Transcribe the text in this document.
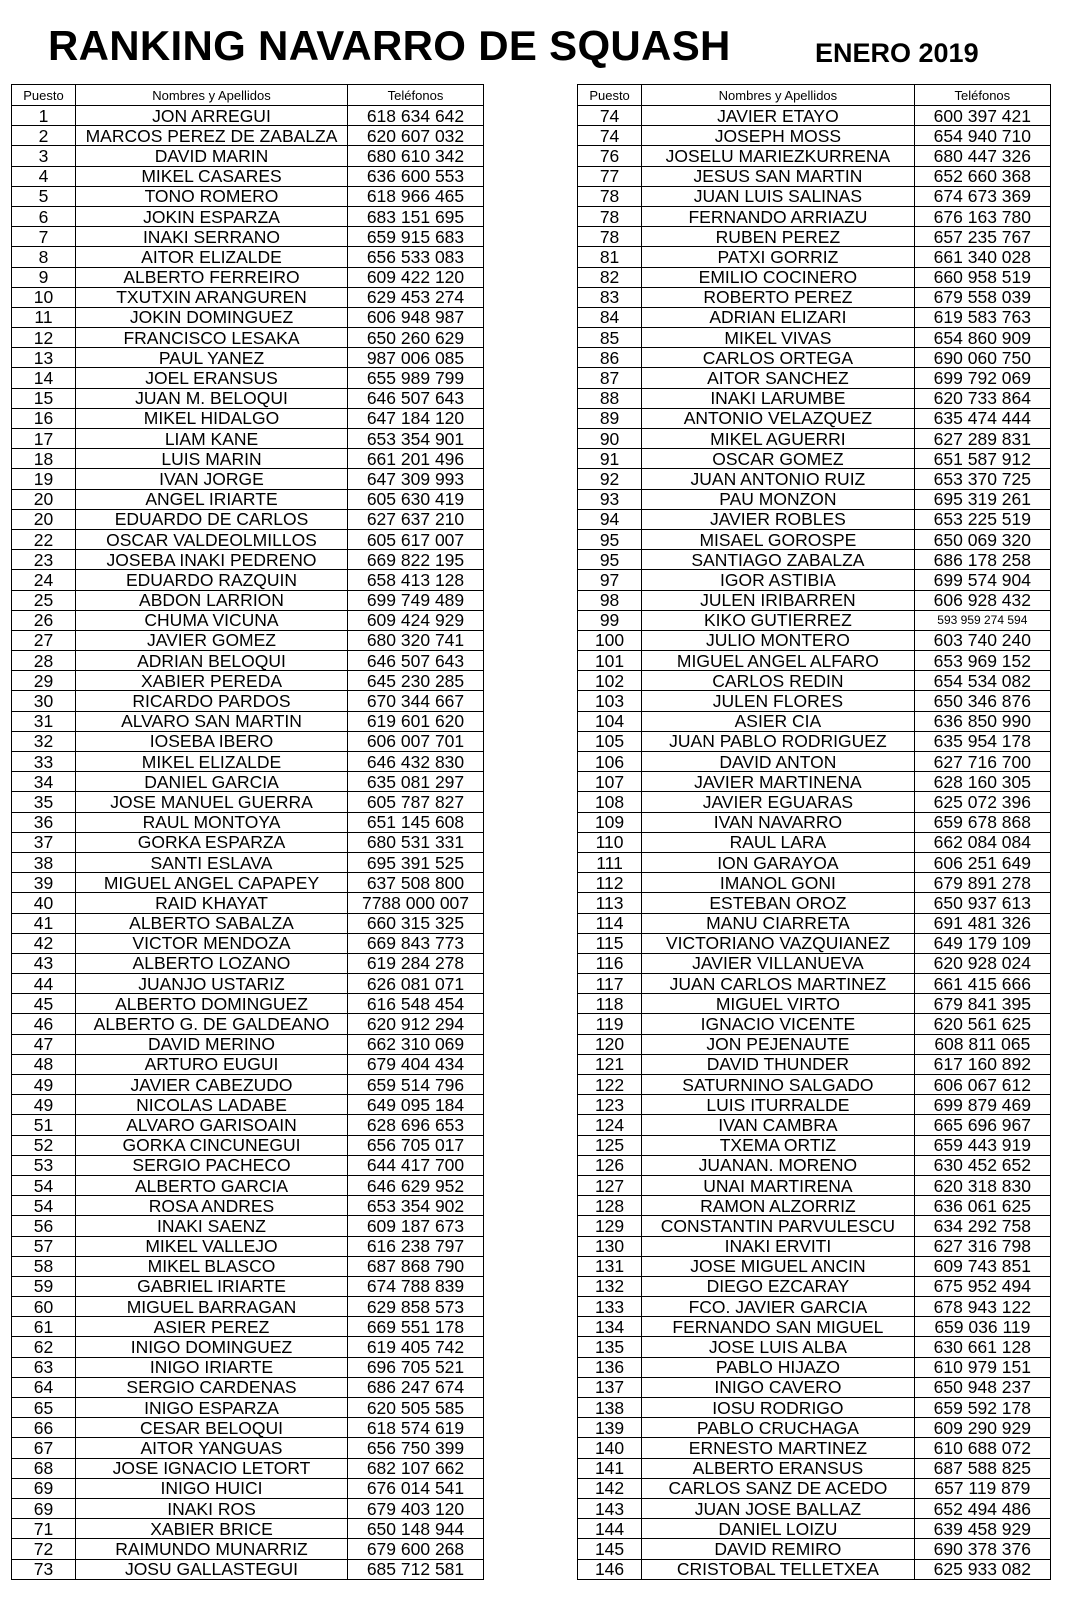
RANKING NAVARRO DE SQUASH	ENERO 2019
Puesto	Nombres y Apellidos	Teléfonos
1	JON ARREGUI	618 634 642
2	MARCOS PEREZ DE ZABALZA	620 607 032
3	DAVID MARIN	680 610 342
4	MIKEL CASARES	636 600 553
5	TONO ROMERO	618 966 465
6	JOKIN ESPARZA	683 151 695
7	INAKI SERRANO	659 915 683
8	AITOR ELIZALDE	656 533 083
9	ALBERTO FERREIRO	609 422 120
10	TXUTXIN ARANGUREN	629 453 274
11	JOKIN DOMINGUEZ	606 948 987
12	FRANCISCO LESAKA	650 260 629
13	PAUL YANEZ	987 006 085
14	JOEL ERANSUS	655 989 799
15	JUAN M. BELOQUI	646 507 643
16	MIKEL HIDALGO	647 184 120
17	LIAM KANE	653 354 901
18	LUIS MARIN	661 201 496
19	IVAN JORGE	647 309 993
20	ANGEL IRIARTE	605 630 419
20	EDUARDO DE CARLOS	627 637 210
22	OSCAR VALDEOLMILLOS	605 617 007
23	JOSEBA INAKI PEDRENO	669 822 195
24	EDUARDO RAZQUIN	658 413 128
25	ABDON LARRION	699 749 489
26	CHUMA VICUNA	609 424 929
27	JAVIER GOMEZ	680 320 741
28	ADRIAN BELOQUI	646 507 643
29	XABIER PEREDA	645 230 285
30	RICARDO PARDOS	670 344 667
31	ALVARO SAN MARTIN	619 601 620
32	IOSEBA IBERO	606 007 701
33	MIKEL ELIZALDE	646 432 830
34	DANIEL GARCIA	635 081 297
35	JOSE MANUEL GUERRA	605 787 827
36	RAUL MONTOYA	651 145 608
37	GORKA ESPARZA	680 531 331
38	SANTI ESLAVA	695 391 525
39	MIGUEL ANGEL CAPAPEY	637 508 800
40	RAID KHAYAT	7788 000 007
41	ALBERTO SABALZA	660 315 325
42	VICTOR MENDOZA	669 843 773
43	ALBERTO LOZANO	619 284 278
44	JUANJO USTARIZ	626 081 071
45	ALBERTO DOMINGUEZ	616 548 454
46	ALBERTO G. DE GALDEANO	620 912 294
47	DAVID MERINO	662 310 069
48	ARTURO EUGUI	679 404 434
49	JAVIER CABEZUDO	659 514 796
49	NICOLAS LADABE	649 095 184
51	ALVARO GARISOAIN	628 696 653
52	GORKA CINCUNEGUI	656 705 017
53	SERGIO PACHECO	644 417 700
54	ALBERTO GARCIA	646 629 952
54	ROSA ANDRES	653 354 902
56	INAKI SAENZ	609 187 673
57	MIKEL VALLEJO	616 238 797
58	MIKEL BLASCO	687 868 790
59	GABRIEL IRIARTE	674 788 839
60	MIGUEL BARRAGAN	629 858 573
61	ASIER PEREZ	669 551 178
62	INIGO DOMINGUEZ	619 405 742
63	INIGO IRIARTE	696 705 521
64	SERGIO CARDENAS	686 247 674
65	INIGO ESPARZA	620 505 585
66	CESAR BELOQUI	618 574 619
67	AITOR YANGUAS	656 750 399
68	JOSE IGNACIO LETORT	682 107 662
69	INIGO HUICI	676 014 541
69	INAKI ROS	679 403 120
71	XABIER BRICE	650 148 944
72	RAIMUNDO MUNARRIZ	679 600 268
73	JOSU GALLASTEGUI	685 712 581
Puesto	Nombres y Apellidos	Teléfonos
74	JAVIER ETAYO	600 397 421
74	JOSEPH MOSS	654 940 710
76	JOSELU MARIEZKURRENA	680 447 326
77	JESUS SAN MARTIN	652 660 368
78	JUAN LUIS SALINAS	674 673 369
78	FERNANDO ARRIAZU	676 163 780
78	RUBEN PEREZ	657 235 767
81	PATXI GORRIZ	661 340 028
82	EMILIO COCINERO	660 958 519
83	ROBERTO PEREZ	679 558 039
84	ADRIAN ELIZARI	619 583 763
85	MIKEL VIVAS	654 860 909
86	CARLOS ORTEGA	690 060 750
87	AITOR SANCHEZ	699 792 069
88	INAKI LARUMBE	620 733 864
89	ANTONIO VELAZQUEZ	635 474 444
90	MIKEL AGUERRI	627 289 831
91	OSCAR GOMEZ	651 587 912
92	JUAN ANTONIO RUIZ	653 370 725
93	PAU MONZON	695 319 261
94	JAVIER ROBLES	653 225 519
95	MISAEL GOROSPE	650 069 320
95	SANTIAGO ZABALZA	686 178 258
97	IGOR ASTIBIA	699 574 904
98	JULEN IRIBARREN	606 928 432
99	KIKO GUTIERREZ	593 959 274 594
100	JULIO MONTERO	603 740 240
101	MIGUEL ANGEL ALFARO	653 969 152
102	CARLOS REDIN	654 534 082
103	JULEN FLORES	650 346 876
104	ASIER CIA	636 850 990
105	JUAN PABLO RODRIGUEZ	635 954 178
106	DAVID ANTON	627 716 700
107	JAVIER MARTINENA	628 160 305
108	JAVIER EGUARAS	625 072 396
109	IVAN NAVARRO	659 678 868
110	RAUL LARA	662 084 084
111	ION GARAYOA	606 251 649
112	IMANOL GONI	679 891 278
113	ESTEBAN OROZ	650 937 613
114	MANU CIARRETA	691 481 326
115	VICTORIANO VAZQUIANEZ	649 179 109
116	JAVIER VILLANUEVA	620 928 024
117	JUAN CARLOS MARTINEZ	661 415 666
118	MIGUEL VIRTO	679 841 395
119	IGNACIO VICENTE	620 561 625
120	JON PEJENAUTE	608 811 065
121	DAVID THUNDER	617 160 892
122	SATURNINO SALGADO	606 067 612
123	LUIS ITURRALDE	699 879 469
124	IVAN CAMBRA	665 696 967
125	TXEMA ORTIZ	659 443 919
126	JUANAN. MORENO	630 452 652
127	UNAI MARTIRENA	620 318 830
128	RAMON ALZORRIZ	636 061 625
129	CONSTANTIN PARVULESCU	634 292 758
130	INAKI ERVITI	627 316 798
131	JOSE MIGUEL ANCIN	609 743 851
132	DIEGO EZCARAY	675 952 494
133	FCO. JAVIER GARCIA	678 943 122
134	FERNANDO SAN MIGUEL	659 036 119
135	JOSE LUIS ALBA	630 661 128
136	PABLO HIJAZO	610 979 151
137	INIGO CAVERO	650 948 237
138	IOSU RODRIGO	659 592 178
139	PABLO CRUCHAGA	609 290 929
140	ERNESTO MARTINEZ	610 688 072
141	ALBERTO ERANSUS	687 588 825
142	CARLOS SANZ DE ACEDO	657 119 879
143	JUAN JOSE BALLAZ	652 494 486
144	DANIEL LOIZU	639 458 929
145	DAVID REMIRO	690 378 376
146	CRISTOBAL TELLETXEA	625 933 082
